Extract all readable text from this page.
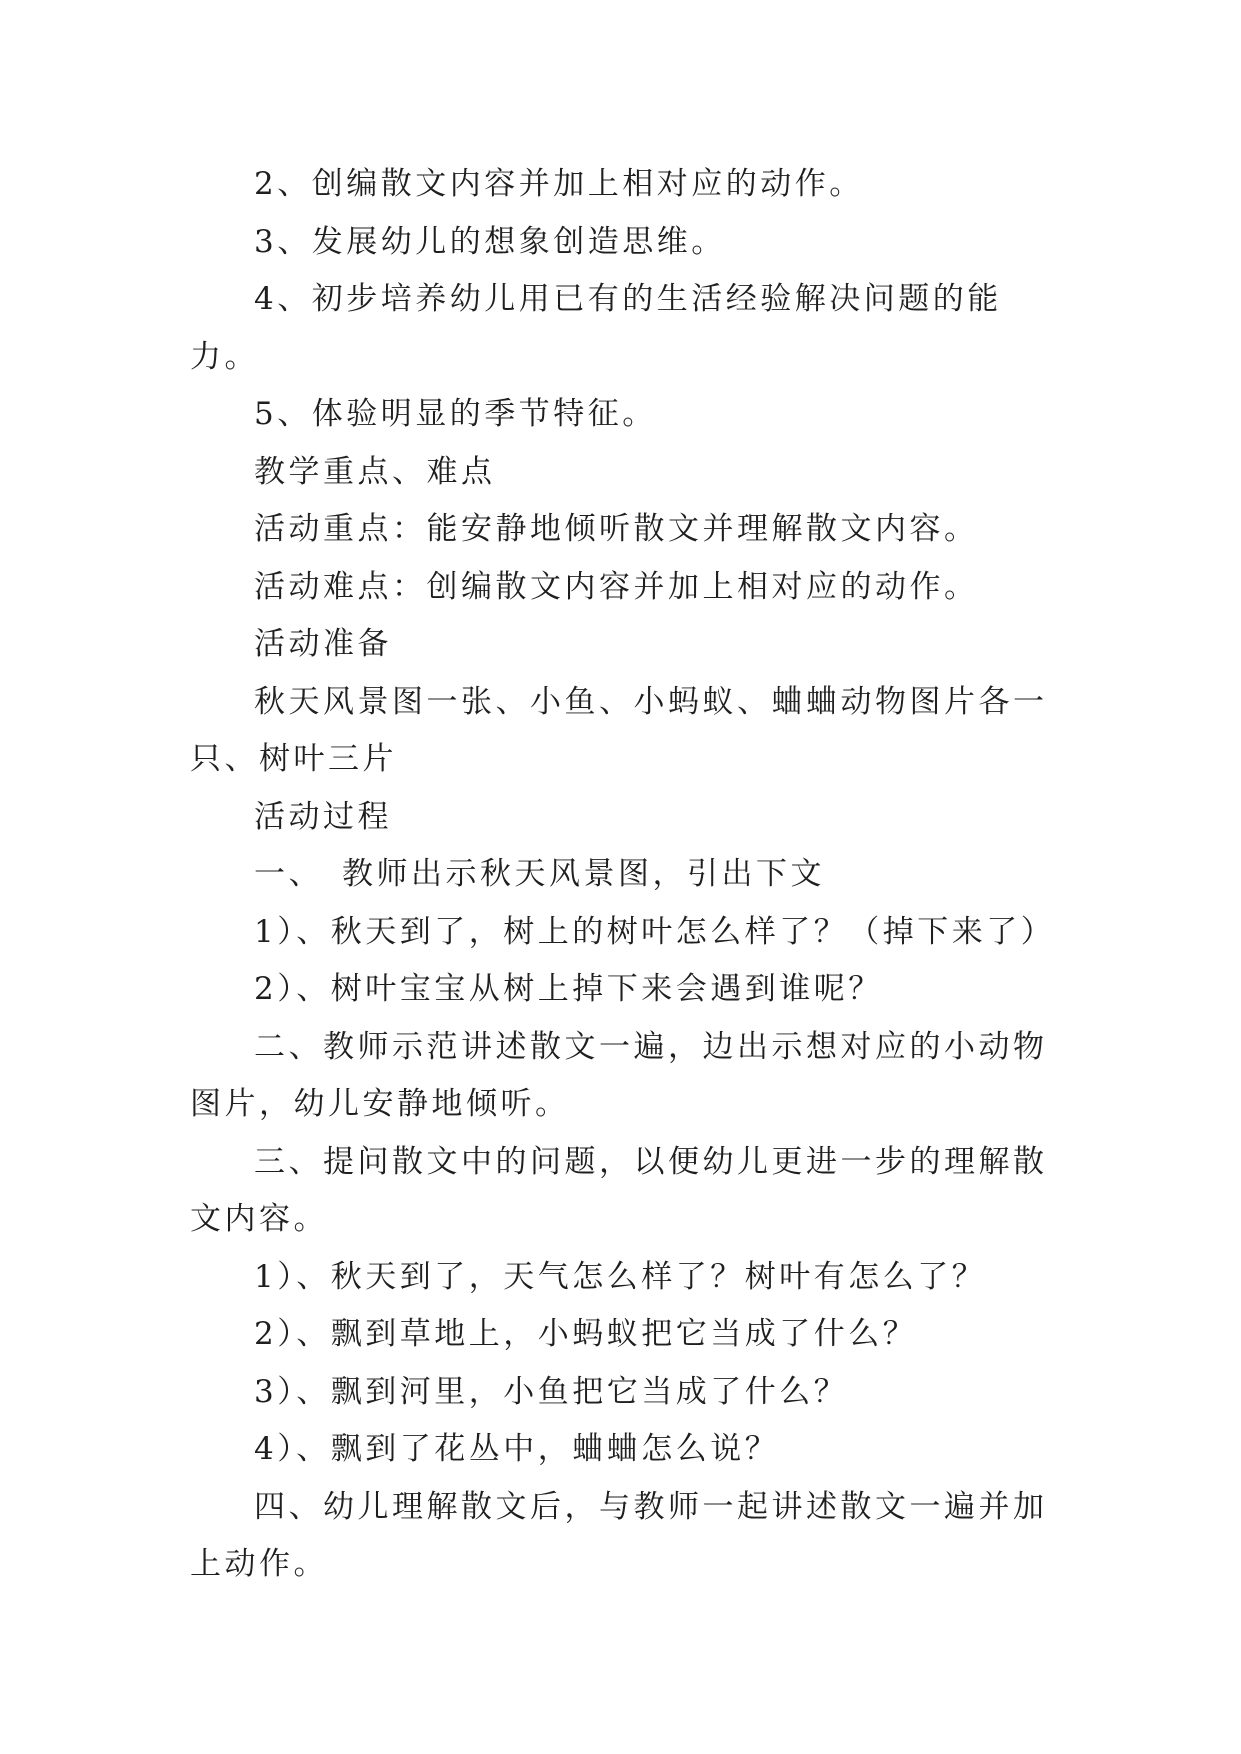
2、创编散文内容并加上相对应的动作。

3、发展幼儿的想象创造思维。

4、初步培养幼儿用已有的生活经验解决问题的能力。

5、体验明显的季节特征。

教学重点、难点

活动重点：能安静地倾听散文并理解散文内容。

活动难点：创编散文内容并加上相对应的动作。

活动准备

秋天风景图一张、小鱼、小蚂蚁、蛐蛐动物图片各一只、树叶三片

活动过程

一、　教师出示秋天风景图，引出下文

1）、秋天到了，树上的树叶怎么样了？（掉下来了）

2）、树叶宝宝从树上掉下来会遇到谁呢？

二、教师示范讲述散文一遍，边出示想对应的小动物图片，幼儿安静地倾听。

三、提问散文中的问题，以便幼儿更进一步的理解散文内容。

1）、秋天到了，天气怎么样了？树叶有怎么了？

2）、飘到草地上，小蚂蚁把它当成了什么？

3）、飘到河里，小鱼把它当成了什么？

4）、飘到了花丛中，蛐蛐怎么说？

四、幼儿理解散文后，与教师一起讲述散文一遍并加上动作。
